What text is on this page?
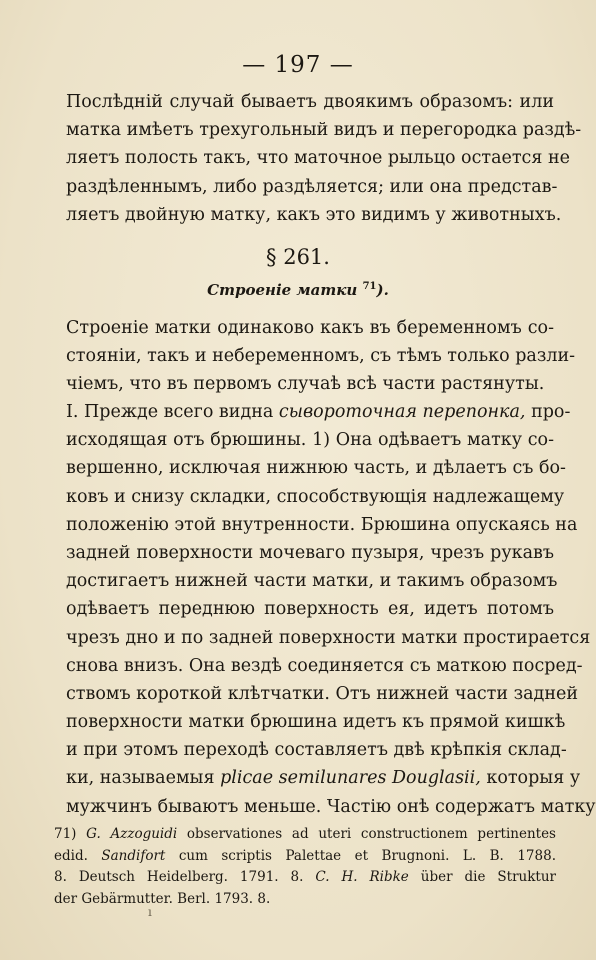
— 197 —
Послѣдній случай бываетъ двоякимъ образомъ: или
матка имѣетъ трехугольный видъ и перегородка раздѣ-
ляетъ полость такъ, что маточное рыльцо остается не
раздѣленнымъ, либо раздѣляется; или она представ-
ляетъ двойную матку, какъ это видимъ у животныхъ.
§ 261.
Строеніе матки $^{71}$).
Строеніе матки одинаково какъ въ беременномъ со-
стояніи, такъ и небеременномъ, съ тѣмъ только разли-
чіемъ, что въ первомъ случаѣ всѣ части растянуты.
I. Прежде всего видна сывороточная перепонка, про-
исходящая отъ брюшины. 1) Она одѣваетъ матку со-
вершенно, исключая нижнюю часть, и дѣлаетъ съ бо-
ковъ и снизу складки, способствующія надлежащему
положенію этой внутренности. Брюшина опускаясь на
задней поверхности мочеваго пузыря, чрезъ рукавъ
достигаетъ нижней части матки, и такимъ образомъ
одѣваетъ переднюю поверхность ея, идетъ потомъ
чрезъ дно и по задней поверхности матки простирается
снова внизъ. Она вездѣ соединяется съ маткою посред-
ствомъ короткой клѣтчатки. Отъ нижней части задней
поверхности матки брюшина идетъ къ прямой кишкѣ
и при этомъ переходѣ составляетъ двѣ крѣпкія склад-
ки, называемыя plicae semilunares Douglasii, которыя у
мужчинъ бываютъ меньше. Частію онѣ содержатъ матку
71) G. Azzoguidi observationes ad uteri constructionem pertinentes
edid. Sandifort cum scriptis Palettae et Brugnoni. L. B. 1788.
8. Deutsch Heidelberg. 1791. 8. C. H. Ribke über die Struktur
der Gebärmutter. Berl. 1793. 8.
ı
